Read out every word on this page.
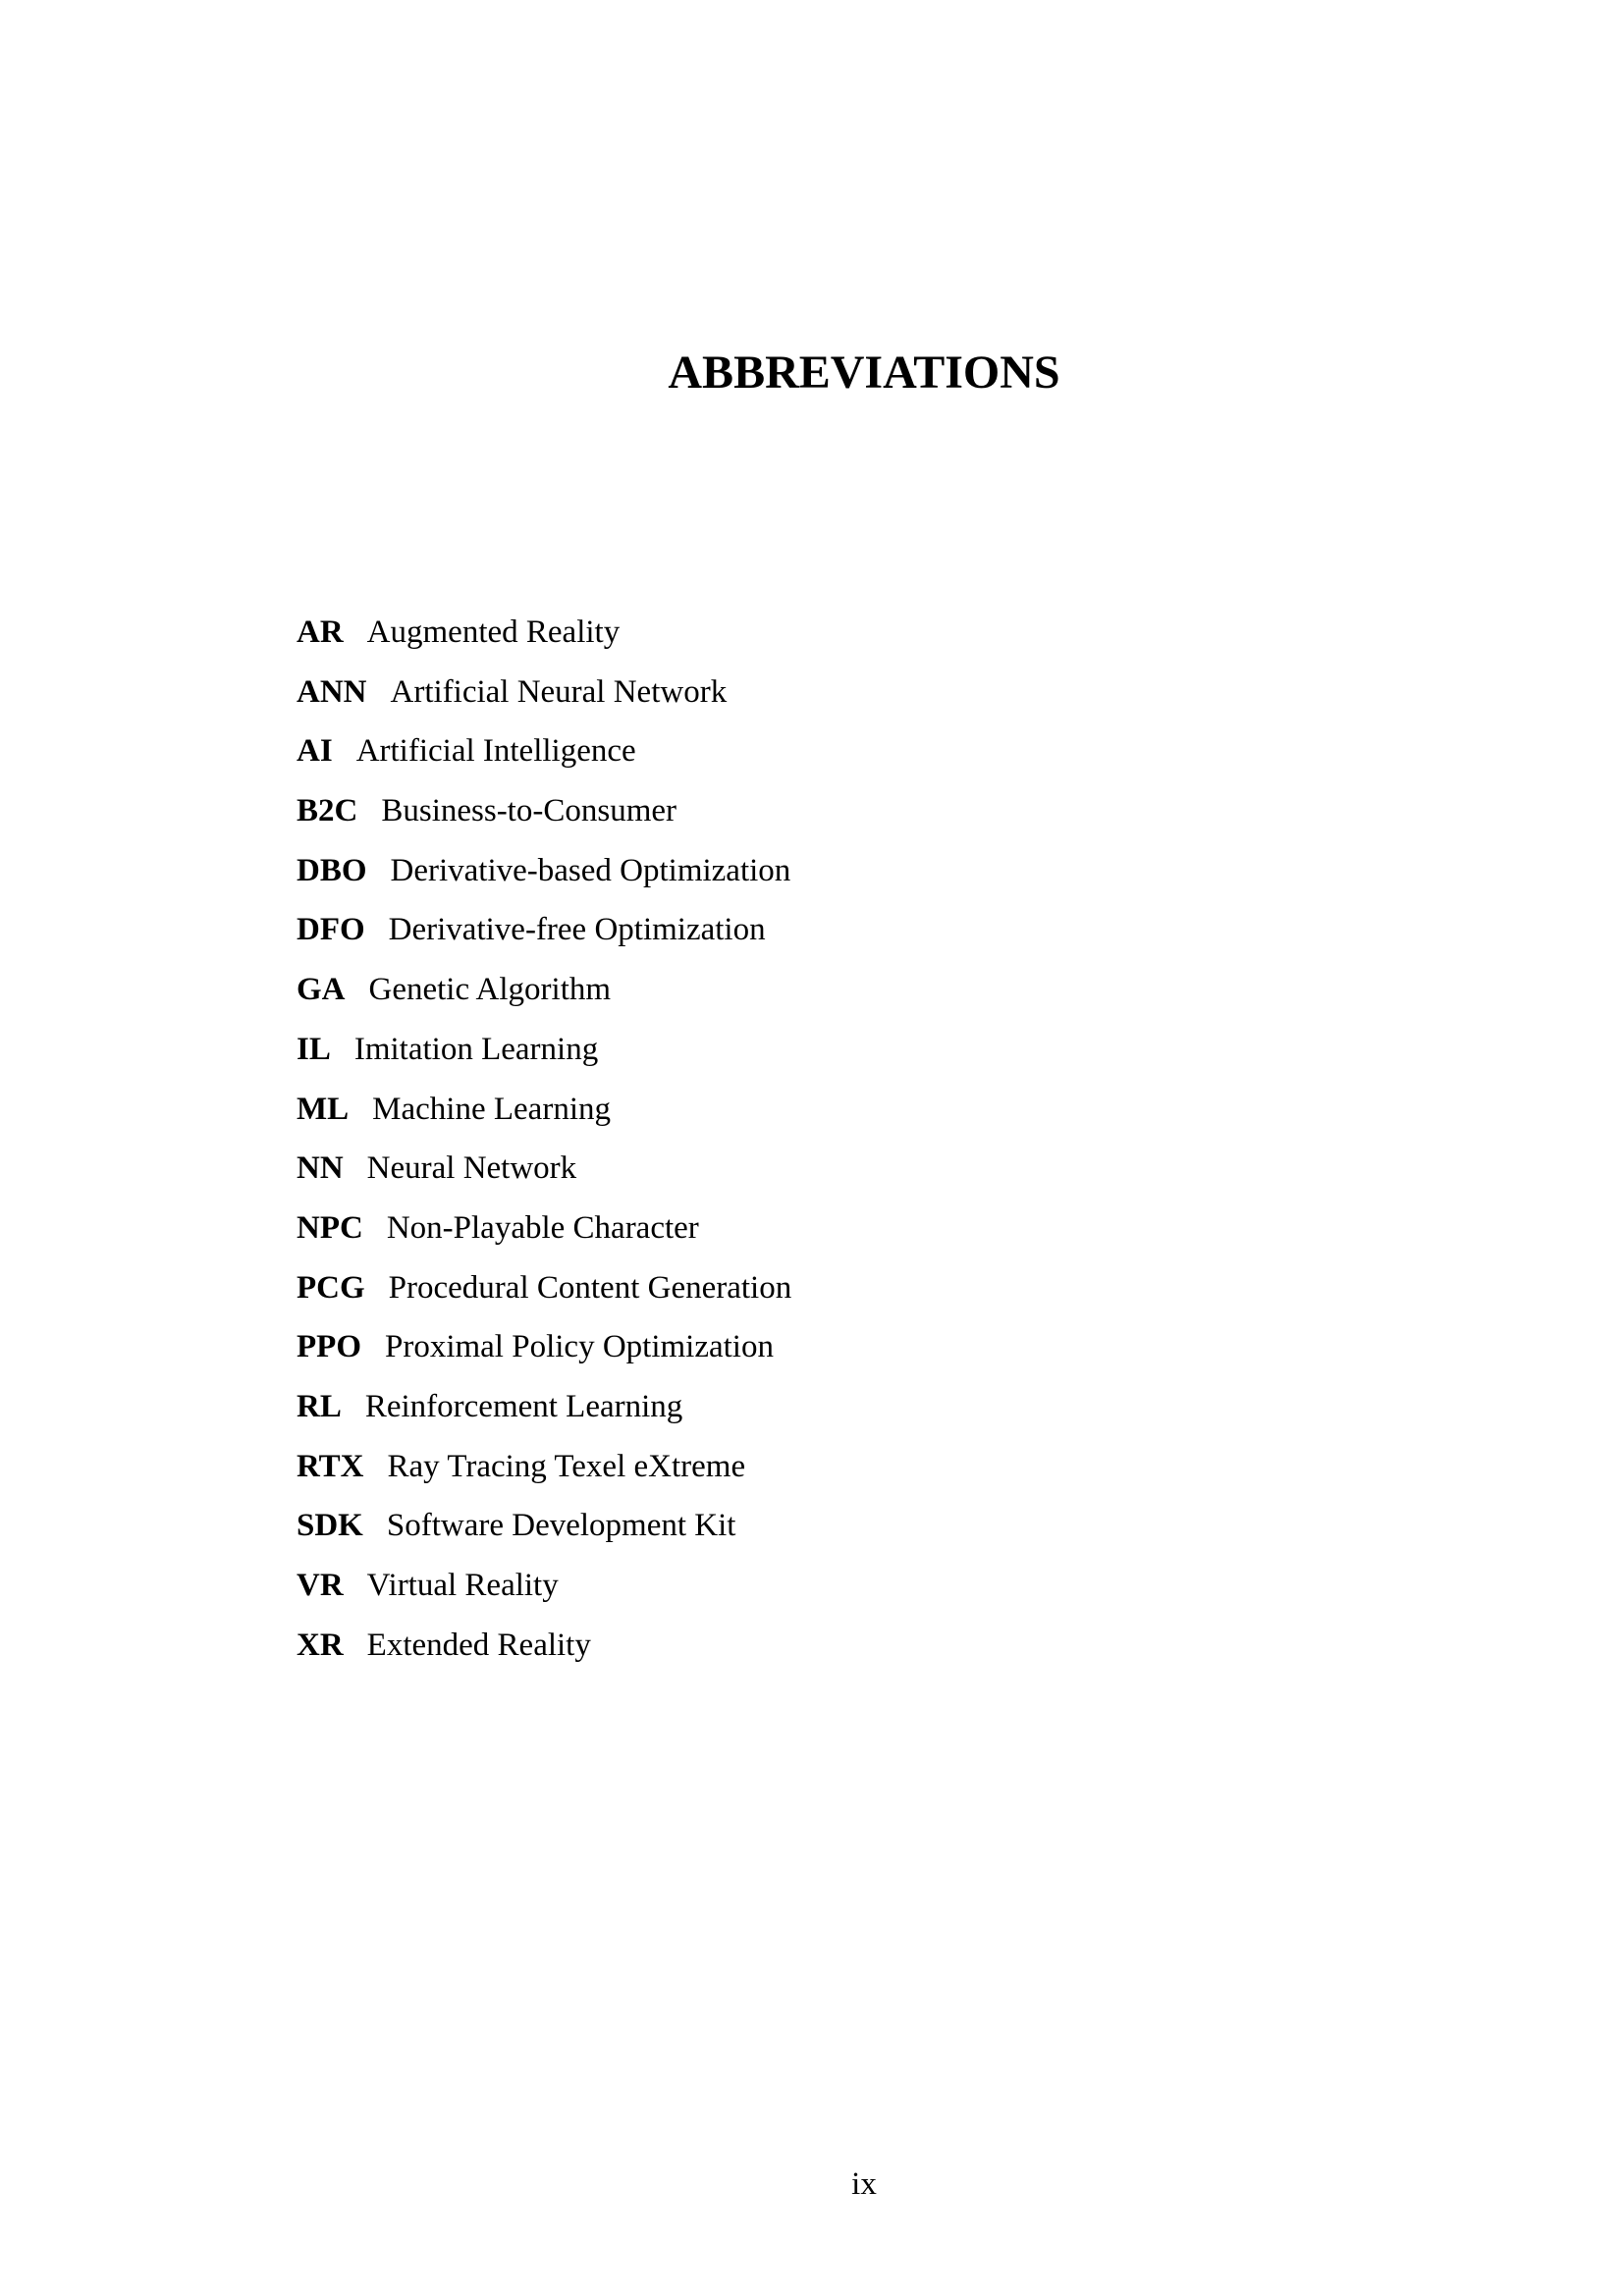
ABBREVIATIONS
AR Augmented Reality
ANN Artificial Neural Network
AI Artificial Intelligence
B2C Business-to-Consumer
DBO Derivative-based Optimization
DFO Derivative-free Optimization
GA Genetic Algorithm
IL Imitation Learning
ML Machine Learning
NN Neural Network
NPC Non-Playable Character
PCG Procedural Content Generation
PPO Proximal Policy Optimization
RL Reinforcement Learning
RTX Ray Tracing Texel eXtreme
SDK Software Development Kit
VR Virtual Reality
XR Extended Reality
ix
